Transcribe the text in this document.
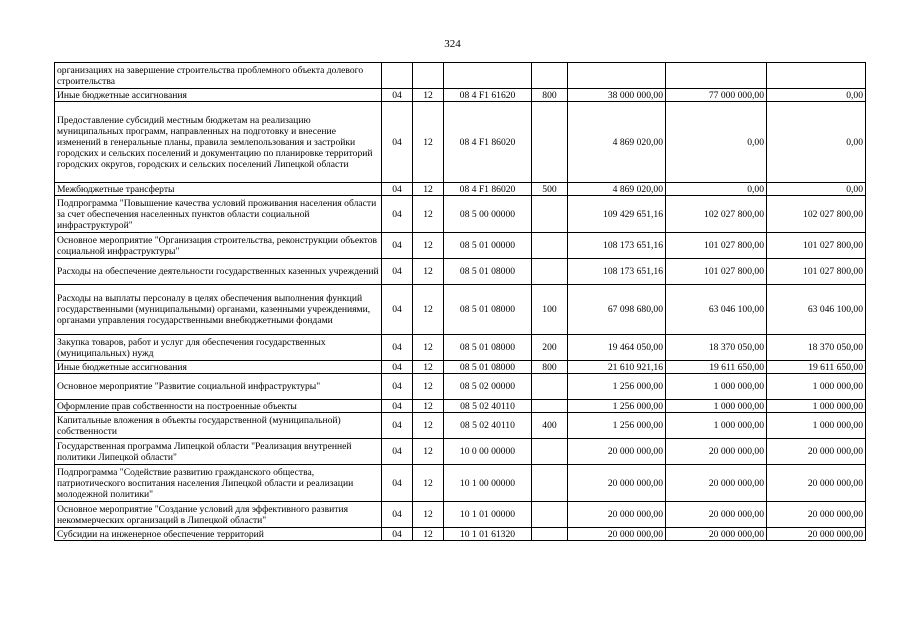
324
организациях на завершение строительства проблемного объекта долевого строительства							
Иные бюджетные ассигнования	04	12	08 4 F1 61620	800	38 000 000,00	77 000 000,00	0,00
Предоставление субсидий местным бюджетам на реализацию муниципальных программ, направленных на подготовку и внесение изменений в генеральные планы, правила землепользования и застройки городских и сельских поселений и документацию по планировке территорий городских округов, городских и сельских поселений Липецкой области	04	12	08 4 F1 86020		4 869 020,00	0,00	0,00
Межбюджетные трансферты	04	12	08 4 F1 86020	500	4 869 020,00	0,00	0,00
Подпрограмма "Повышение качества условий проживания населения области за счет обеспечения населенных пунктов области социальной инфраструктурой"	04	12	08 5 00 00000		109 429 651,16	102 027 800,00	102 027 800,00
Основное мероприятие "Организация строительства, реконструкции объектов социальной инфраструктуры"	04	12	08 5 01 00000		108 173 651,16	101 027 800,00	101 027 800,00
Расходы на обеспечение деятельности государственных казенных учреждений	04	12	08 5 01 08000		108 173 651,16	101 027 800,00	101 027 800,00
Расходы на выплаты персоналу в целях обеспечения выполнения функций государственными (муниципальными) органами, казенными учреждениями, органами управления государственными внебюджетными фондами	04	12	08 5 01 08000	100	67 098 680,00	63 046 100,00	63 046 100,00
Закупка товаров, работ и услуг для обеспечения государственных (муниципальных) нужд	04	12	08 5 01 08000	200	19 464 050,00	18 370 050,00	18 370 050,00
Иные бюджетные ассигнования	04	12	08 5 01 08000	800	21 610 921,16	19 611 650,00	19 611 650,00
Основное мероприятие "Развитие социальной инфраструктуры"	04	12	08 5 02 00000		1 256 000,00	1 000 000,00	1 000 000,00
Оформление прав собственности на построенные объекты	04	12	08 5 02 40110		1 256 000,00	1 000 000,00	1 000 000,00
Капитальные вложения в объекты государственной (муниципальной) собственности	04	12	08 5 02 40110	400	1 256 000,00	1 000 000,00	1 000 000,00
Государственная программа Липецкой области "Реализация внутренней политики Липецкой области"	04	12	10 0 00 00000		20 000 000,00	20 000 000,00	20 000 000,00
Подпрограмма "Содействие развитию гражданского общества, патриотического воспитания населения Липецкой области и реализации молодежной политики"	04	12	10 1 00 00000		20 000 000,00	20 000 000,00	20 000 000,00
Основное мероприятие "Создание условий для эффективного развития некоммерческих организаций в Липецкой области"	04	12	10 1 01 00000		20 000 000,00	20 000 000,00	20 000 000,00
Субсидии на инженерное обеспечение территорий	04	12	10 1 01 61320		20 000 000,00	20 000 000,00	20 000 000,00
